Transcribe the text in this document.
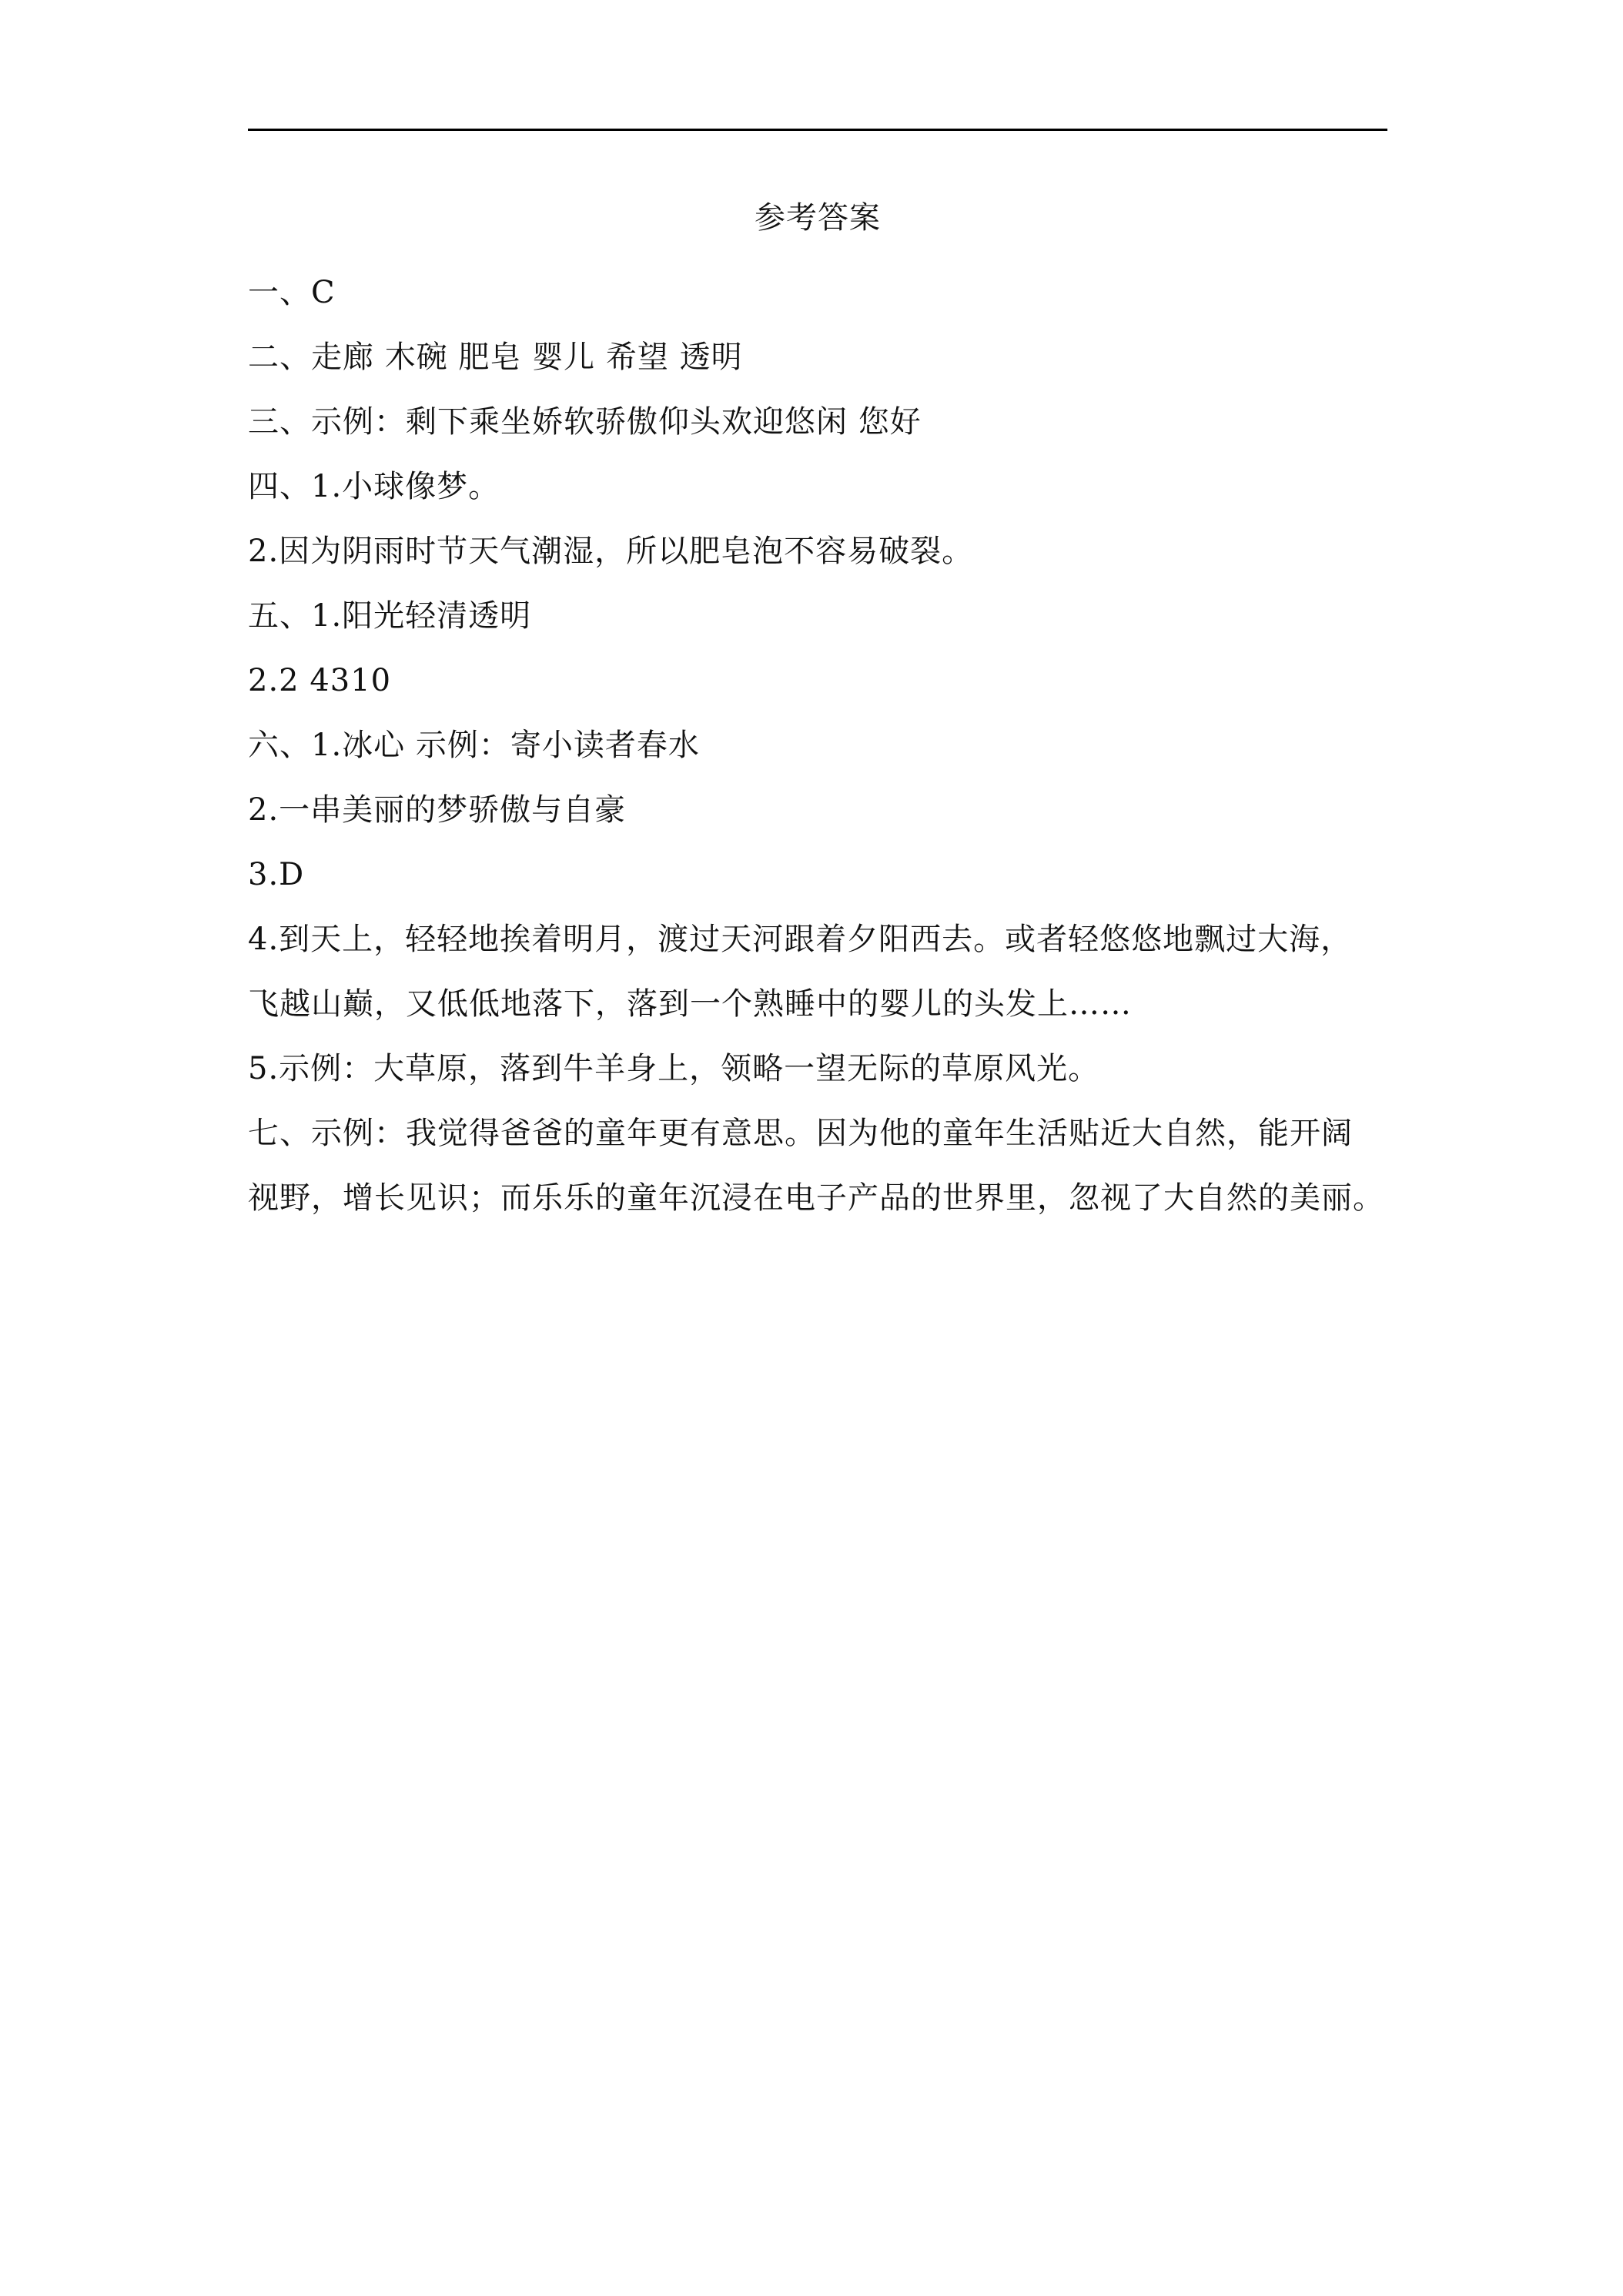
参考答案
一、C
二、走廊 木碗 肥皂 婴儿 希望 透明
三、示例：剩下乘坐娇软骄傲仰头欢迎悠闲 您好
四、1.小球像梦。
2.因为阴雨时节天气潮湿，所以肥皂泡不容易破裂。
五、1.阳光轻清透明
2.2 4310
六、1.冰心 示例：寄小读者春水
2.一串美丽的梦骄傲与自豪
3.D
4.到天上，轻轻地挨着明月，渡过天河跟着夕阳西去。或者轻悠悠地飘过大海，
飞越山巅，又低低地落下，落到一个熟睡中的婴儿的头发上……
5.示例：大草原，落到牛羊身上，领略一望无际的草原风光。
七、示例：我觉得爸爸的童年更有意思。因为他的童年生活贴近大自然，能开阔
视野，增长见识；而乐乐的童年沉浸在电子产品的世界里，忽视了大自然的美丽。
